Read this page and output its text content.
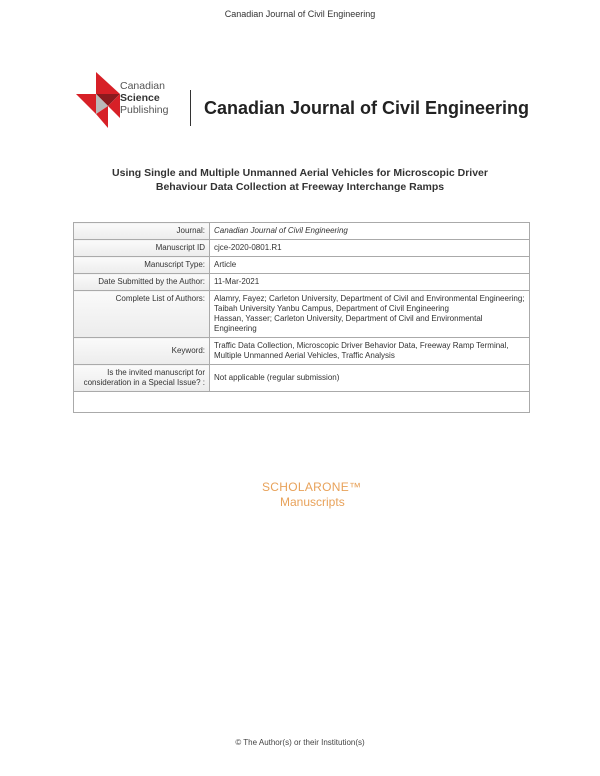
Canadian Journal of Civil Engineering
Canadian
Science
Publishing Canadian Journal of Civil Engineering
Using Single and Multiple Unmanned Aerial Vehicles for Microscopic Driver Behaviour Data Collection at Freeway Interchange Ramps
Journal:	Canadian Journal of Civil Engineering
Manuscript ID	cjce-2020-0801.R1
Manuscript Type:	Article
Date Submitted by the Author:	11-Mar-2021
Complete List of Authors:	Alamry, Fayez; Carleton University, Department of Civil and Environmental Engineering; Taibah University Yanbu Campus, Department of Civil Engineering
Hassan, Yasser; Carleton University, Department of Civil and Environmental Engineering

Keyword:	Traffic Data Collection, Microscopic Driver Behavior Data, Freeway Ramp Terminal, Multiple Unmanned Aerial Vehicles, Traffic Analysis
Is the invited manuscript for consideration in a Special Issue? :	Not applicable (regular submission)

SCHOLARONE™
Manuscripts
© The Author(s) or their Institution(s)
